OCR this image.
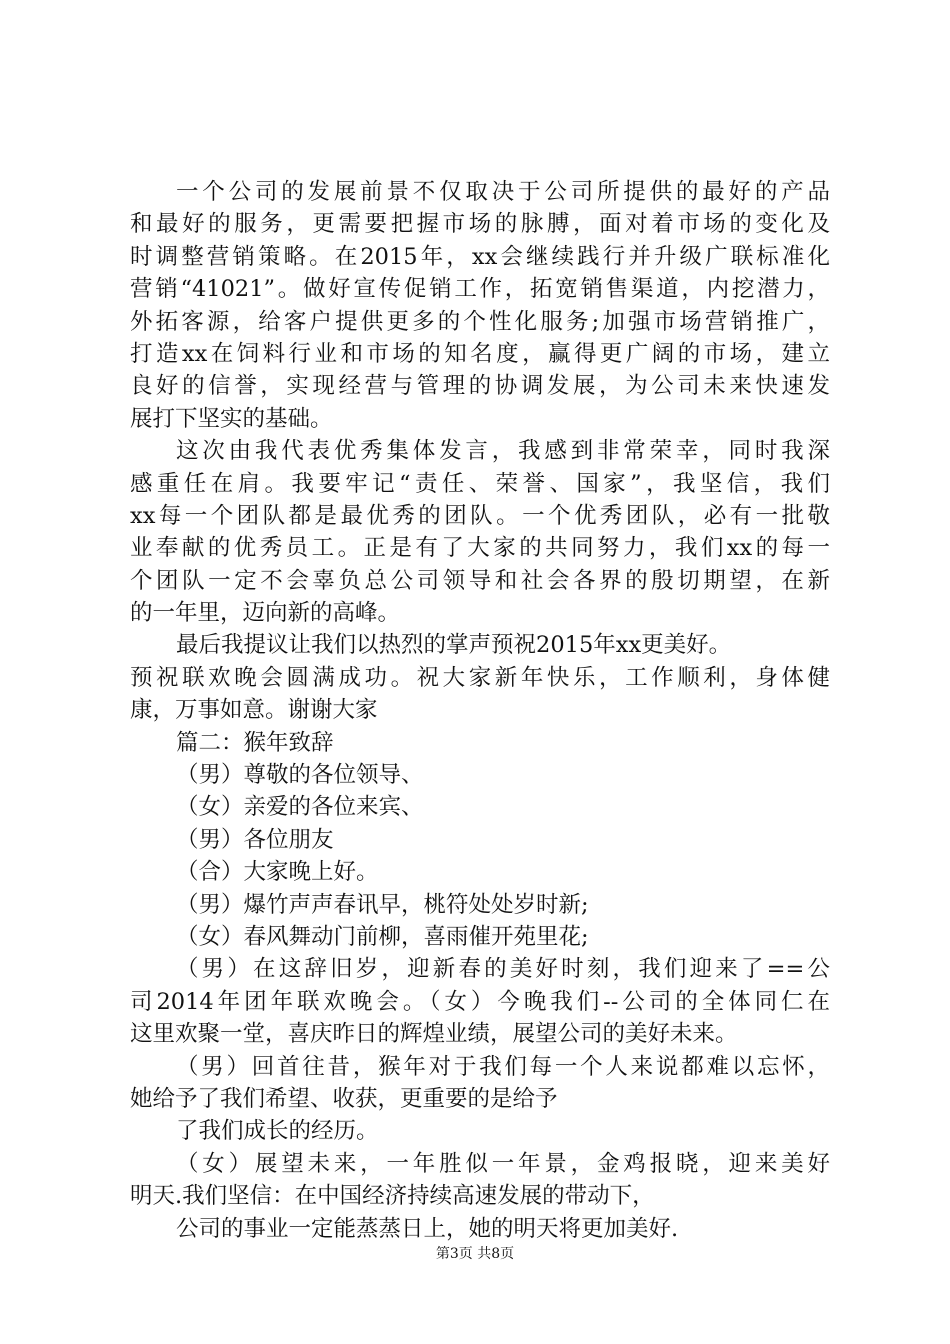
一个公司的发展前景不仅取决于公司所提供的最好的产品
和最好的服务，更需要把握市场的脉膊，面对着市场的变化及
时调整营销策略。在2015年，xx会继续践行并升级广联标准化
营销“41021”。做好宣传促销工作，拓宽销售渠道，内挖潜力，
外拓客源，给客户提供更多的个性化服务;加强市场营销推广，
打造xx在饲料行业和市场的知名度，赢得更广阔的市场，建立
良好的信誉，实现经营与管理的协调发展，为公司未来快速发
展打下坚实的基础。
这次由我代表优秀集体发言，我感到非常荣幸，同时我深
感重任在肩。我要牢记“责任、荣誉、国家”，我坚信，我们
xx每一个团队都是最优秀的团队。一个优秀团队，必有一批敬
业奉献的优秀员工。正是有了大家的共同努力，我们xx的每一
个团队一定不会辜负总公司领导和社会各界的殷切期望，在新
的一年里，迈向新的高峰。
最后我提议让我们以热烈的掌声预祝2015年xx更美好。
预祝联欢晚会圆满成功。祝大家新年快乐，工作顺利，身体健
康，万事如意。谢谢大家
篇二：猴年致辞
（男）尊敬的各位领导、
（女）亲爱的各位来宾、
（男）各位朋友
（合）大家晚上好。
（男）爆竹声声春讯早，桃符处处岁时新;
（女）春风舞动门前柳，喜雨催开苑里花;
（男）在这辞旧岁，迎新春的美好时刻，我们迎来了==公
司2014年团年联欢晚会。（女）今晚我们--公司的全体同仁在
这里欢聚一堂，喜庆昨日的辉煌业绩，展望公司的美好未来。
（男）回首往昔，猴年对于我们每一个人来说都难以忘怀，
她给予了我们希望、收获，更重要的是给予
了我们成长的经历。
（女）展望未来，一年胜似一年景，金鸡报晓，迎来美好
明天.我们坚信：在中国经济持续高速发展的带动下，
公司的事业一定能蒸蒸日上，她的明天将更加美好.
第3页 共8页
